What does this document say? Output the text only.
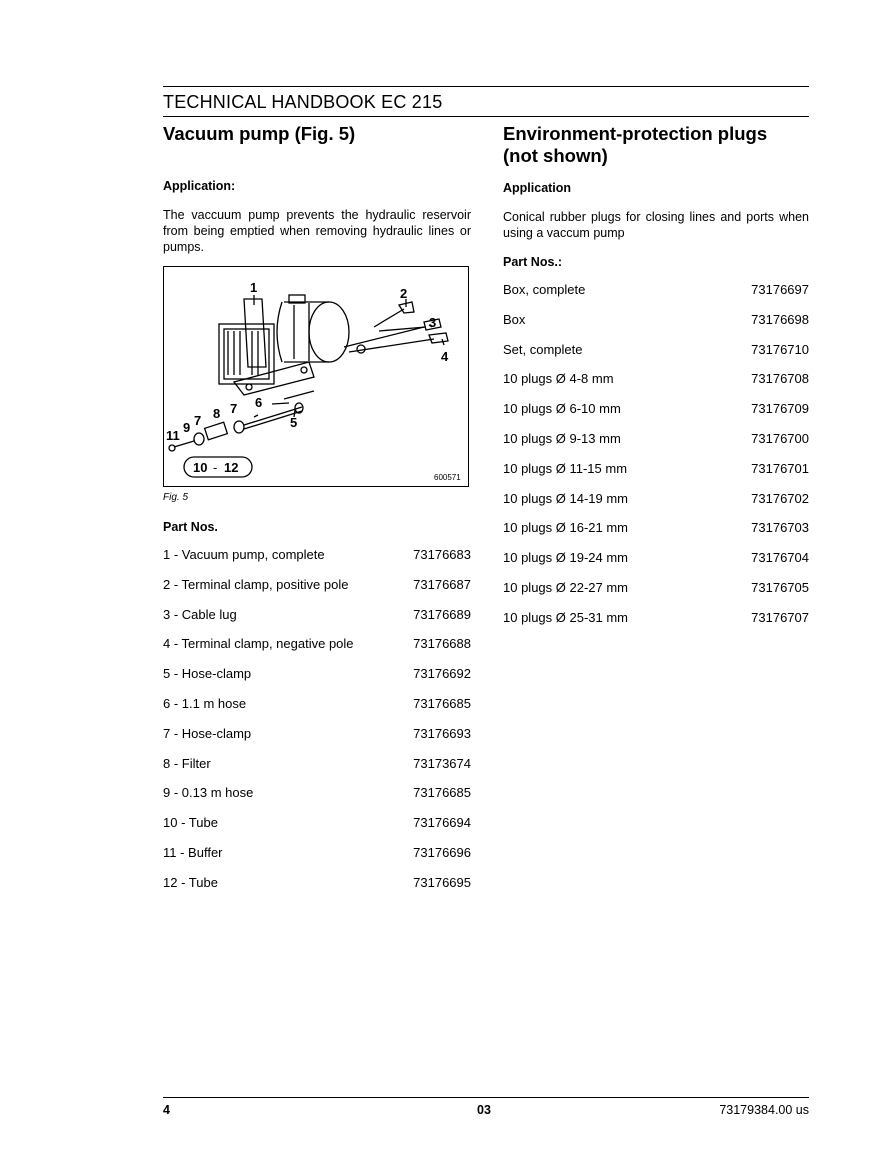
TECHNICAL HANDBOOK EC 215
Vacuum pump (Fig. 5)

Application:

The vaccuum pump prevents the hydraulic reservoir from being emptied when removing hydraulic lines or pumps.

1	2
3
4
5
6
7
8
7
9
11
10 - 12
600571
Fig. 5

Part Nos.

1 - Vacuum pump, complete	73176683
2 - Terminal clamp, positive pole	73176687
3 - Cable lug	73176689
4 - Terminal clamp, negative pole	73176688
5 - Hose-clamp	73176692
6 - 1.1 m hose	73176685
7 - Hose-clamp	73176693
8 - Filter	73173674
9 - 0.13 m hose	73176685
10 - Tube	73176694
11 - Buffer	73176696
12 - Tube	73176695
Environment-protection plugs
(not shown)

Application

Conical rubber plugs for closing lines and ports when using a vaccum pump

Part Nos.:

Box, complete	73176697
Box	73176698
Set, complete	73176710
10 plugs Ø 4-8 mm	73176708
10 plugs Ø 6-10 mm	73176709
10 plugs Ø 9-13 mm	73176700
10 plugs Ø 11-15 mm	73176701
10 plugs Ø 14-19 mm	73176702
10 plugs Ø 16-21 mm	73176703
10 plugs Ø 19-24 mm	73176704
10 plugs Ø 22-27 mm	73176705
10 plugs Ø 25-31 mm	73176707
4	03	73179384.00 us
